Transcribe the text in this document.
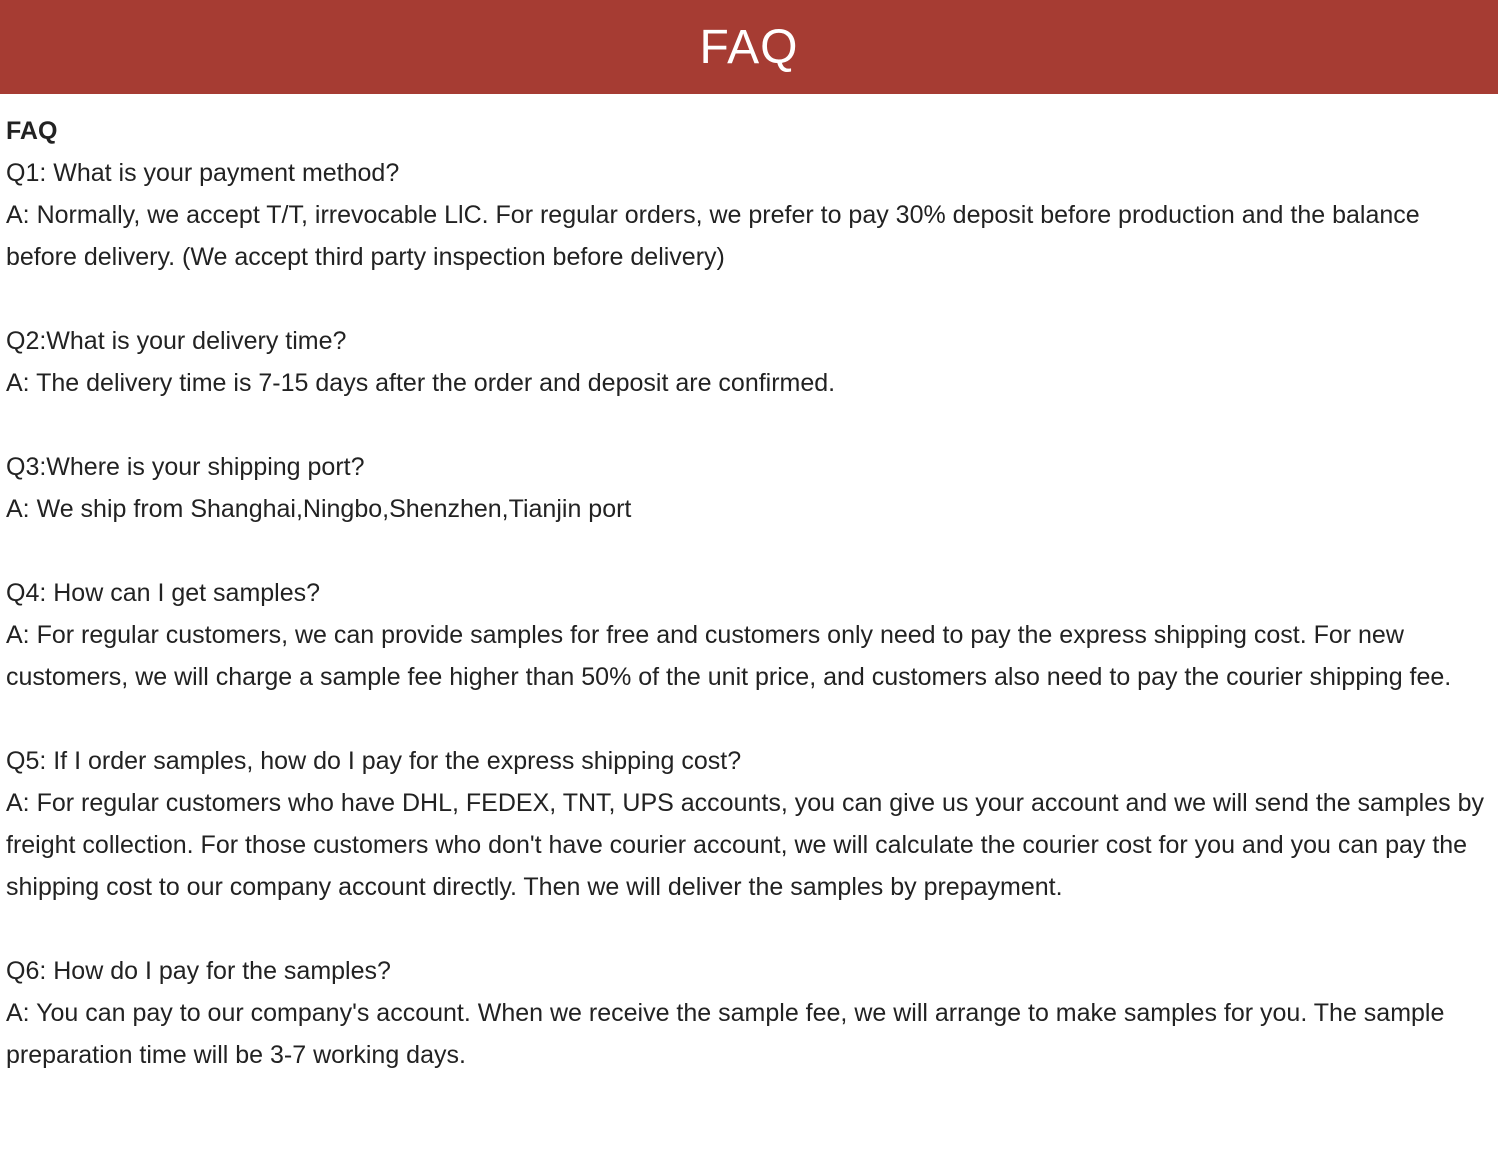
FAQ

FAQ

Q1: What is your payment method?

A: Normally, we accept T/T, irrevocable LlC. For regular orders, we prefer to pay 30% deposit before production and the balance before delivery. (We accept third party inspection before delivery)

Q2:What is your delivery time?

A: The delivery time is 7-15 days after the order and deposit are confirmed.

Q3:Where is your shipping port?

A: We ship from Shanghai,Ningbo,Shenzhen,Tianjin port

Q4: How can I get samples?

A: For regular customers, we can provide samples for free and customers only need to pay the express shipping cost. For new customers, we will charge a sample fee higher than 50% of the unit price, and customers also need to pay the courier shipping fee.

Q5: If I order samples, how do I pay for the express shipping cost?

A: For regular customers who have DHL, FEDEX, TNT, UPS accounts, you can give us your account and we will send the samples by freight collection. For those customers who don't have courier account, we will calculate the courier cost for you and you can pay the shipping cost to our company account directly. Then we will deliver the samples by prepayment.

Q6: How do I pay for the samples?

A: You can pay to our company's account. When we receive the sample fee, we will arrange to make samples for you. The sample preparation time will be 3-7 working days.
